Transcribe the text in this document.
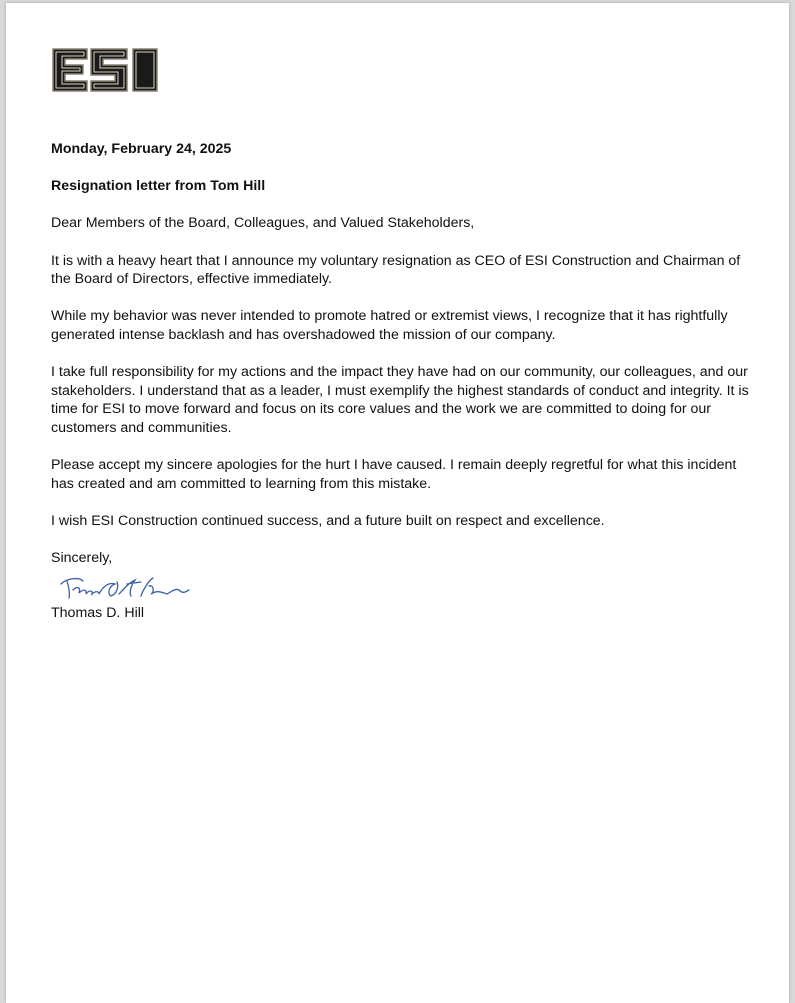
Monday, February 24, 2025

Resignation letter from Tom Hill

Dear Members of the Board, Colleagues, and Valued Stakeholders,

It is with a heavy heart that I announce my voluntary resignation as CEO of ESI Construction and Chairman of the Board of Directors, effective immediately.

While my behavior was never intended to promote hatred or extremist views, I recognize that it has rightfully generated intense backlash and has overshadowed the mission of our company.

I take full responsibility for my actions and the impact they have had on our community, our colleagues, and our stakeholders. I understand that as a leader, I must exemplify the highest standards of conduct and integrity. It is time for ESI to move forward and focus on its core values and the work we are committed to doing for our customers and communities.

Please accept my sincere apologies for the hurt I have caused. I remain deeply regretful for what this incident has created and am committed to learning from this mistake.

I wish ESI Construction continued success, and a future built on respect and excellence.

Sincerely,

Thomas D. Hill
